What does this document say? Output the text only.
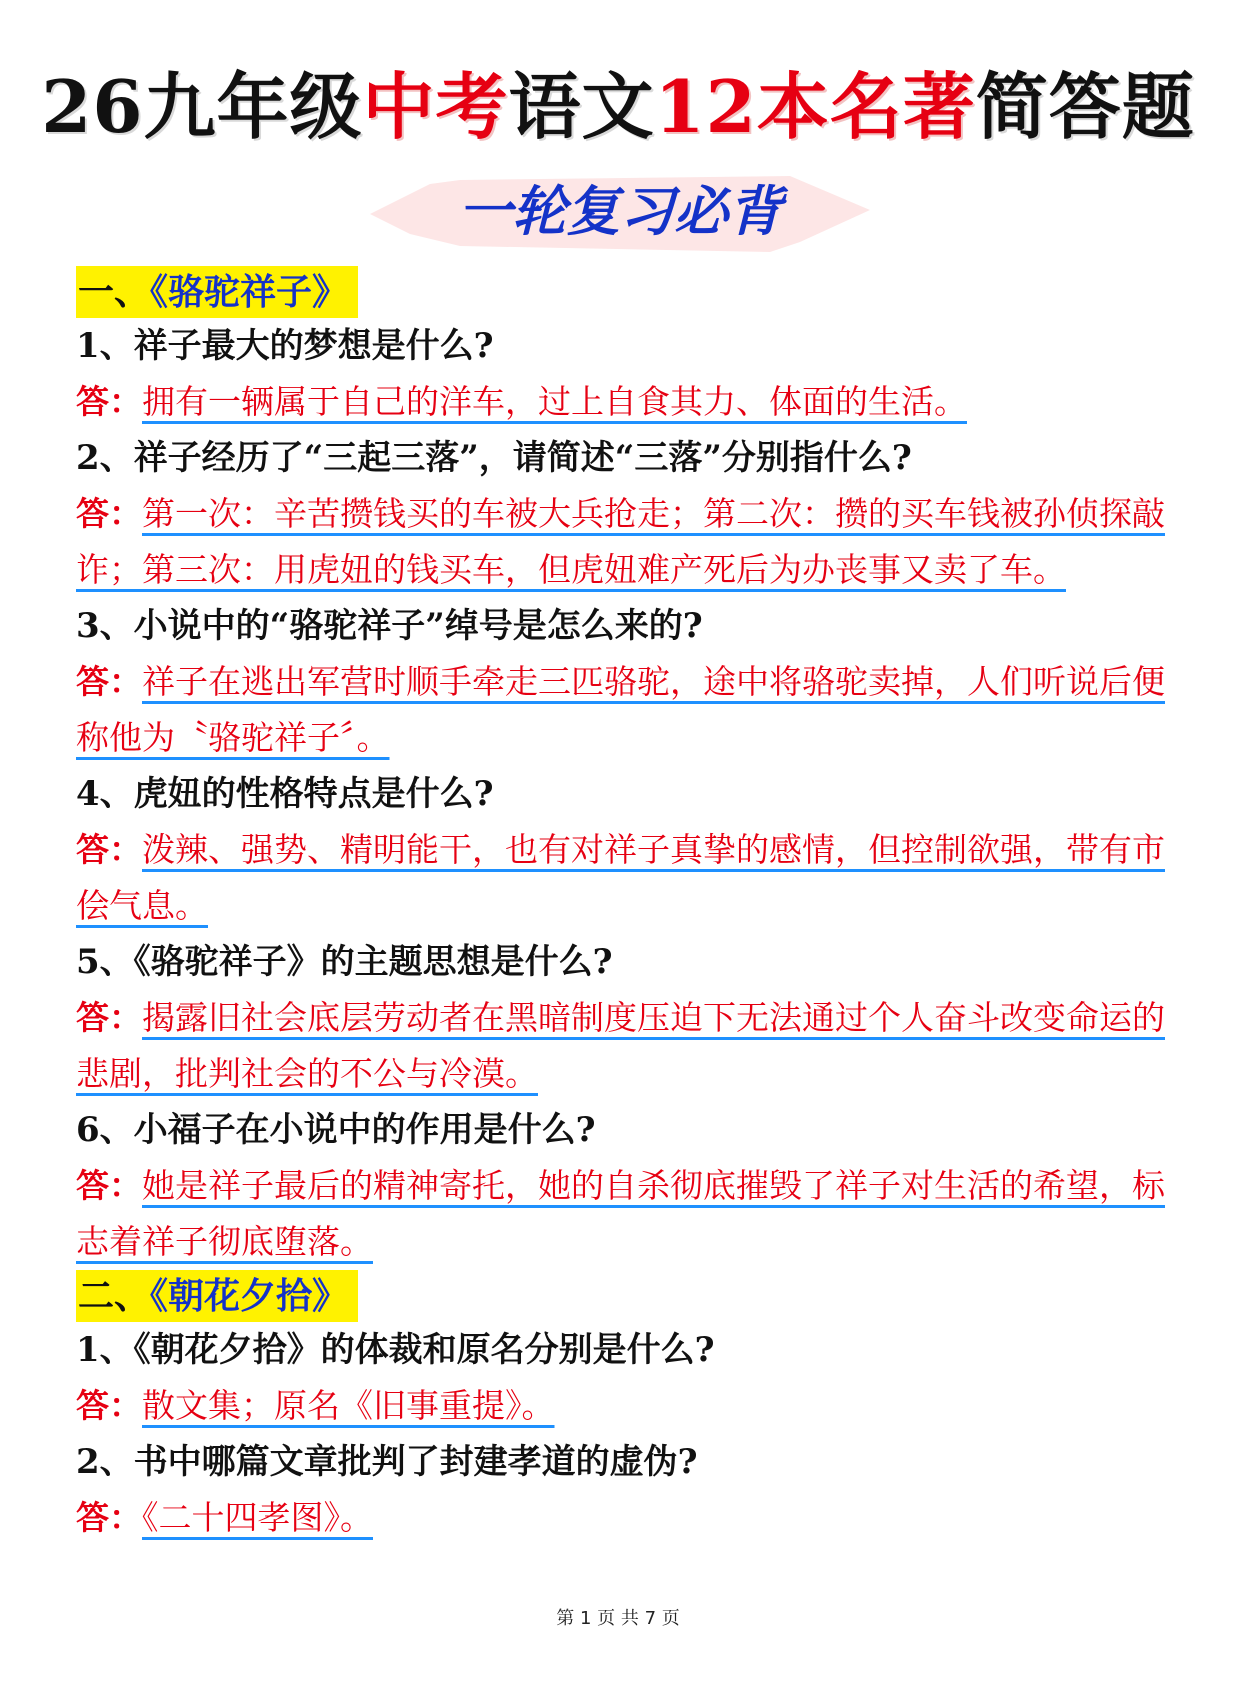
26九年级中考语文12本名著简答题
一轮复习必背
一、《骆驼祥子》
1、祥子最大的梦想是什么?
答：拥有一辆属于自己的洋车，过上自食其力、体面的生活。
2、祥子经历了“三起三落”，请简述“三落”分别指什么?
答：第一次：辛苦攒钱买的车被大兵抢走；第二次：攒的买车钱被孙侦探敲诈；第三次：用虎妞的钱买车，但虎妞难产死后为办丧事又卖了车。
3、小说中的“骆驼祥子”绰号是怎么来的?
答：祥子在逃出军营时顺手牵走三匹骆驼，途中将骆驼卖掉，人们听说后便称他为〝骆驼祥子〞。
4、虎妞的性格特点是什么?
答：泼辣、强势、精明能干，也有对祥子真挚的感情，但控制欲强，带有市侩气息。
5、《骆驼祥子》的主题思想是什么?
答：揭露旧社会底层劳动者在黑暗制度压迫下无法通过个人奋斗改变命运的悲剧，批判社会的不公与冷漠。
6、小福子在小说中的作用是什么?
答：她是祥子最后的精神寄托，她的自杀彻底摧毁了祥子对生活的希望，标志着祥子彻底堕落。
二、《朝花夕拾》
1、《朝花夕拾》的体裁和原名分别是什么?
答：散文集；原名《旧事重提》。
2、书中哪篇文章批判了封建孝道的虚伪?
答：《二十四孝图》。
第 1 页 共 7 页
